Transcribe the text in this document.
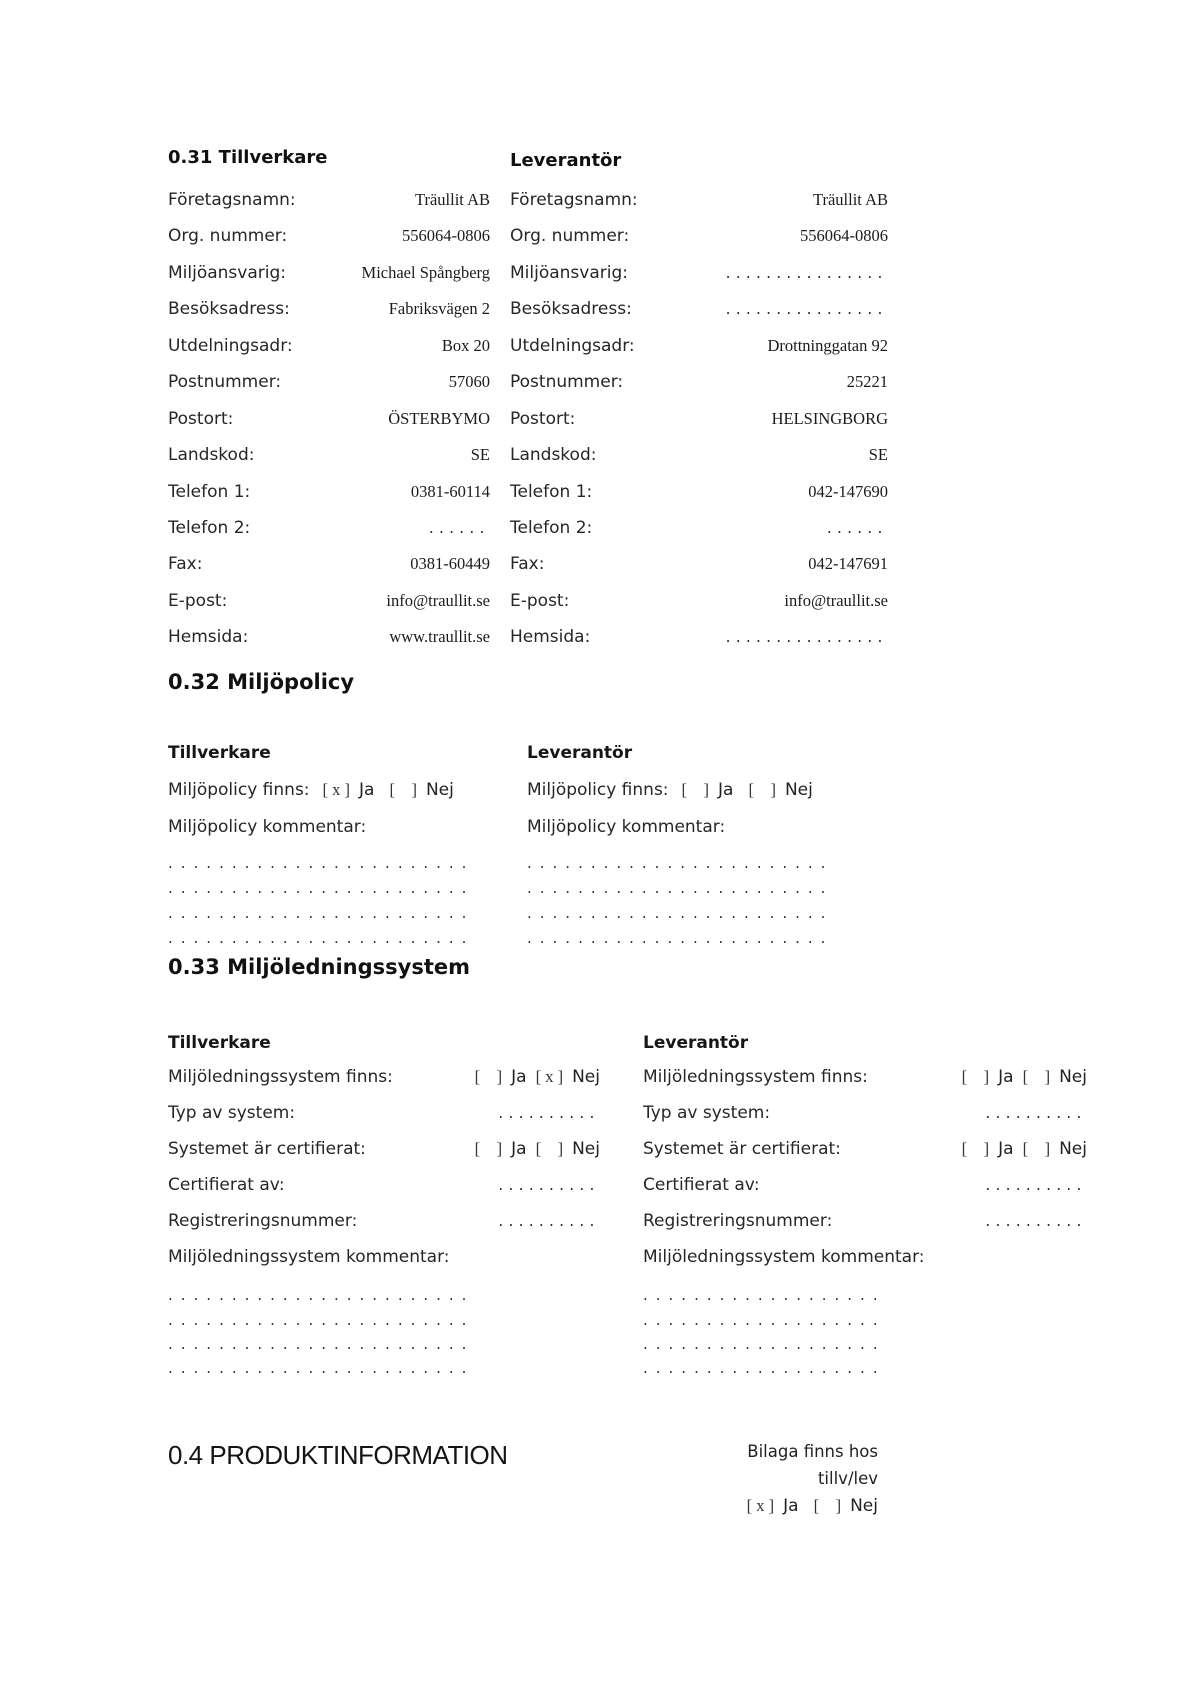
0.31 Tillverkare	Leverantör
Företagsnamn:	Träullit AB
Org. nummer:	556064-0806
Miljöansvarig:	Michael Spångberg
Besöksadress:	Fabriksvägen 2
Utdelningsadr:	Box 20
Postnummer:	57060
Postort:	ÖSTERBYMO
Landskod:	SE
Telefon 1:	0381-60114
Telefon 2:	......
Fax:	0381-60449
E-post:	info@traullit.se
Hemsida:	www.traullit.se
Företagsnamn:	Träullit AB
Org. nummer:	556064-0806
Miljöansvarig:	................
Besöksadress:	................
Utdelningsadr:	Drottninggatan 92
Postnummer:	25221
Postort:	HELSINGBORG
Landskod:	SE
Telefon 1:	042-147690
Telefon 2:	......
Fax:	042-147691
E-post:	info@traullit.se
Hemsida:	................
0.32 Miljöpolicy
Tillverkare
Miljöpolicy finns: [ x ] Ja [    ] Nej
Miljöpolicy kommentar:
........................
........................
........................
........................
Leverantör
Miljöpolicy finns: [    ] Ja [    ] Nej
Miljöpolicy kommentar:
........................
........................
........................
........................
0.33 Miljöledningssystem
Tillverkare
Miljöledningssystem finns:	[    ] Ja [ x ] Nej
Typ av system:	..........
Systemet är certifierat:	[    ] Ja [    ] Nej
Certifierat av:	..........
Registreringsnummer:	..........
Miljöledningssystem kommentar:
........................
........................
........................
........................
Leverantör
Miljöledningssystem finns:	[    ] Ja [    ] Nej
Typ av system:	..........
Systemet är certifierat:	[    ] Ja [    ] Nej
Certifierat av:	..........
Registreringsnummer:	..........
Miljöledningssystem kommentar:
...................
...................
...................
...................
0.4 PRODUKTINFORMATION	Bilaga finns hos
tillv/lev
[ x ] Ja [    ] Nej
